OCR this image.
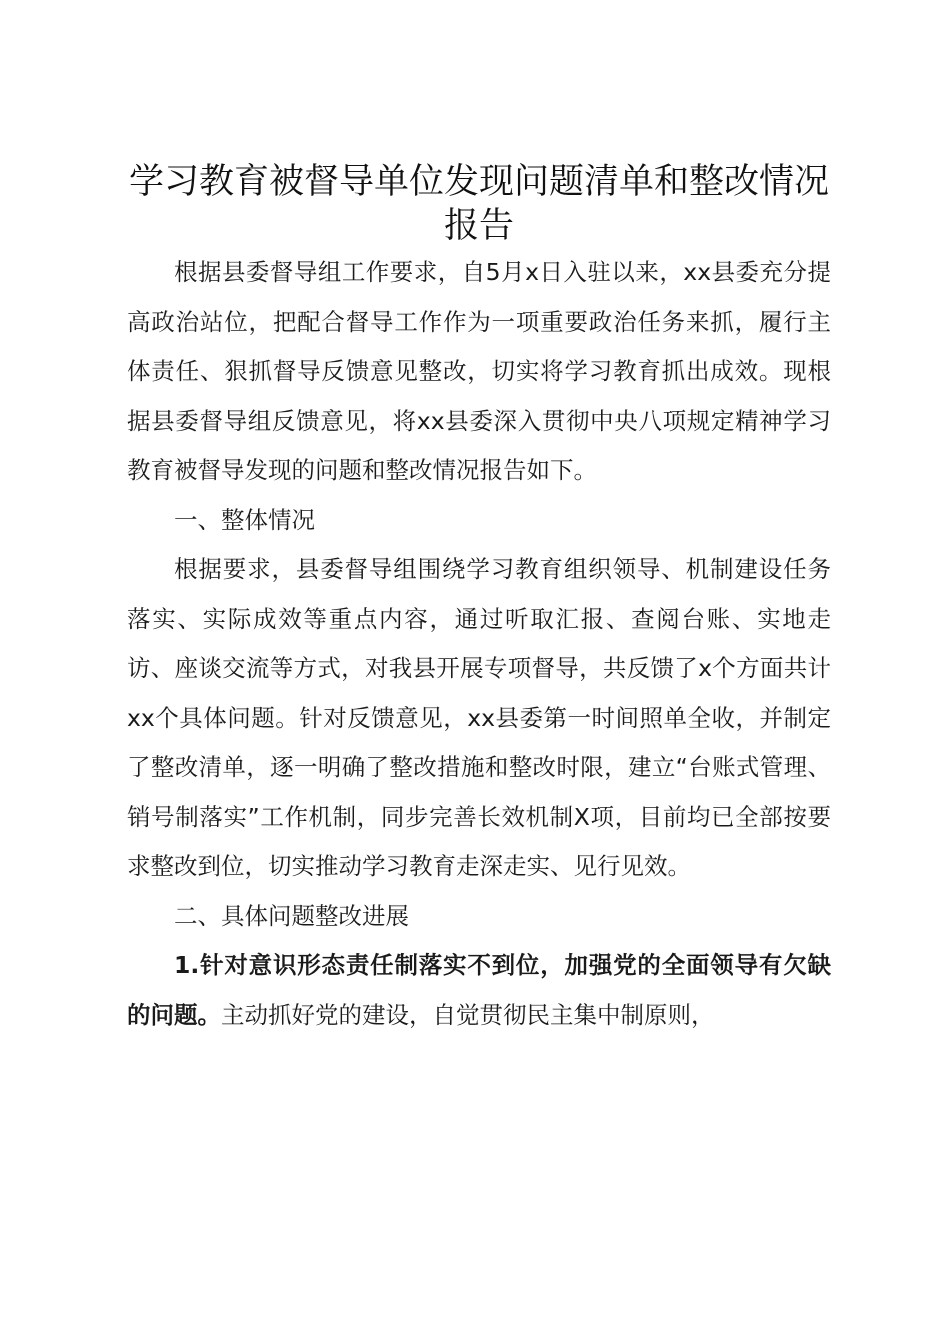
学习教育被督导单位发现问题清单和整改情况报告

根据县委督导组工作要求，自5月x日入驻以来，xx县委充分提高政治站位，把配合督导工作作为一项重要政治任务来抓，履行主体责任、狠抓督导反馈意见整改，切实将学习教育抓出成效。现根据县委督导组反馈意见，将xx县委深入贯彻中央八项规定精神学习教育被督导发现的问题和整改情况报告如下。

一、整体情况

根据要求，县委督导组围绕学习教育组织领导、机制建设任务落实、实际成效等重点内容，通过听取汇报、查阅台账、实地走访、座谈交流等方式，对我县开展专项督导，共反馈了x个方面共计xx个具体问题。针对反馈意见，xx县委第一时间照单全收，并制定了整改清单，逐一明确了整改措施和整改时限，建立“台账式管理、销号制落实”工作机制，同步完善长效机制X项，目前均已全部按要求整改到位，切实推动学习教育走深走实、见行见效。

二、具体问题整改进展

1.针对意识形态责任制落实不到位，加强党的全面领导有欠缺的问题。主动抓好党的建设，自觉贯彻民主集中制原则，
